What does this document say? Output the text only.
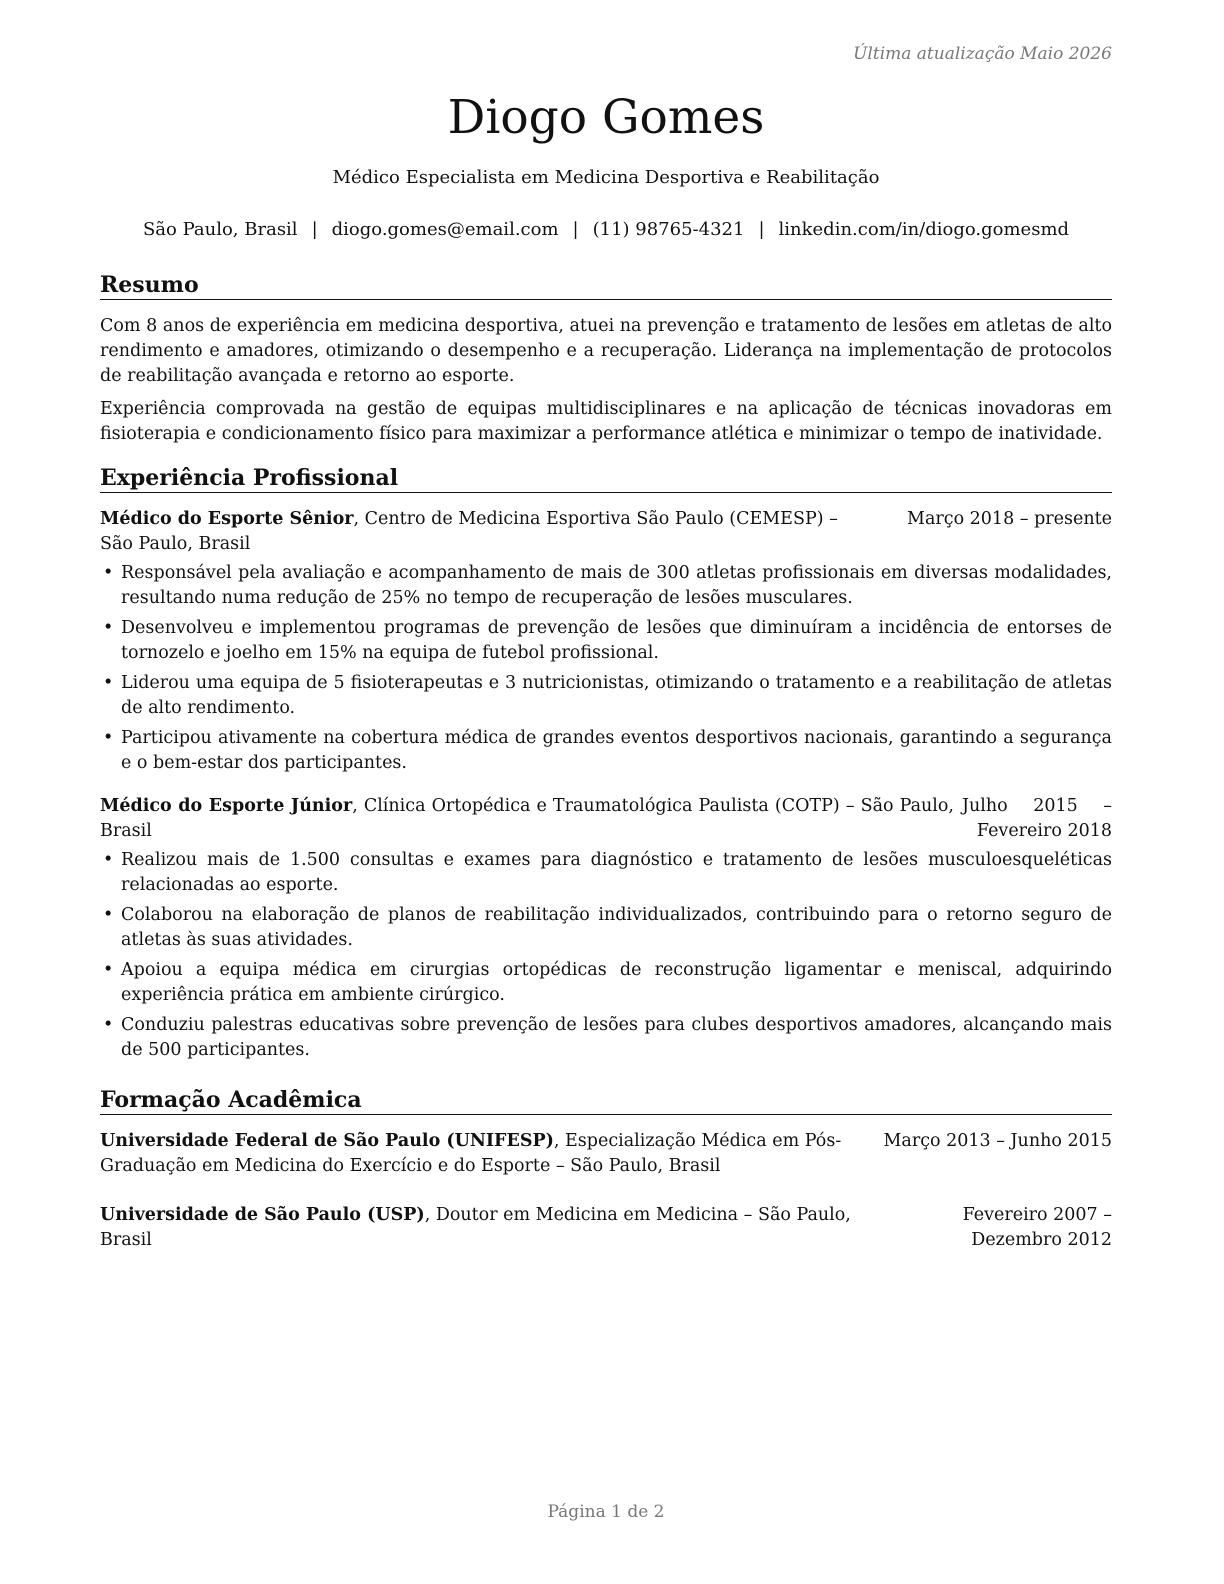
Última atualização Maio 2026
Diogo Gomes
Médico Especialista em Medicina Desportiva e Reabilitação
São Paulo, Brasil | diogo.gomes@email.com | (11) 98765-4321 | linkedin.com/in/diogo.gomesmd
Resumo

Com 8 anos de experiência em medicina desportiva, atuei na prevenção e tratamento de lesões em atletas de alto rendimento e amadores, otimizando o desempenho e a recuperação. Liderança na implementação de protocolos de reabilitação avançada e retorno ao esporte.

Experiência comprovada na gestão de equipas multidisciplinares e na aplicação de técnicas inovadoras em fisioterapia e condicionamento físico para maximizar a performance atlética e minimizar o tempo de inatividade.

Experiência Profissional
Médico do Esporte Sênior, Centro de Medicina Esportiva São Paulo (CEMESP) – São Paulo, Brasil
Março 2018 – presente
• Responsável pela avaliação e acompanhamento de mais de 300 atletas profissionais em diversas modalidades, resultando numa redução de 25% no tempo de recuperação de lesões musculares.
• Desenvolveu e implementou programas de prevenção de lesões que diminuíram a incidência de entorses de tornozelo e joelho em 15% na equipa de futebol profissional.
• Liderou uma equipa de 5 fisioterapeutas e 3 nutricionistas, otimizando o tratamento e a reabilitação de atletas de alto rendimento.
• Participou ativamente na cobertura médica de grandes eventos desportivos nacionais, garantindo a segurança e o bem-estar dos participantes.
Médico do Esporte Júnior, Clínica Ortopédica e Traumatológica Paulista (COTP) – São Paulo, Brasil
Julho 2015 – Fevereiro 2018
• Realizou mais de 1.500 consultas e exames para diagnóstico e tratamento de lesões musculoesqueléticas relacionadas ao esporte.
• Colaborou na elaboração de planos de reabilitação individualizados, contribuindo para o retorno seguro de atletas às suas atividades.
• Apoiou a equipa médica em cirurgias ortopédicas de reconstrução ligamentar e meniscal, adquirindo experiência prática em ambiente cirúrgico.
• Conduziu palestras educativas sobre prevenção de lesões para clubes desportivos amadores, alcançando mais de 500 participantes.
Formação Acadêmica
Universidade Federal de São Paulo (UNIFESP), Especialização Médica em Pós-Graduação em Medicina do Exercício e do Esporte – São Paulo, Brasil
Março 2013 – Junho 2015
Universidade de São Paulo (USP), Doutor em Medicina em Medicina – São Paulo, Brasil
Fevereiro 2007 – Dezembro 2012
Página 1 de 2
